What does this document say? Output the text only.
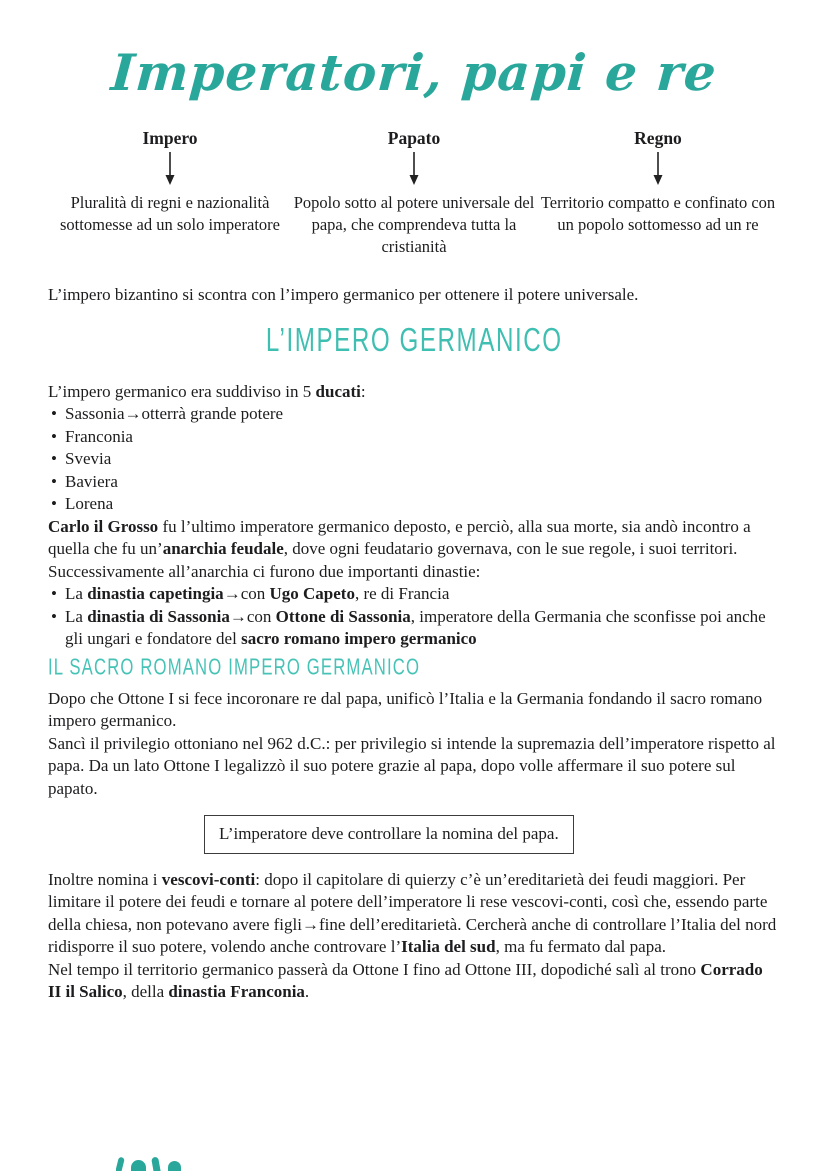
Imperatori, papi e re
Impero
Pluralità di regni e nazionalità sottomesse ad un solo imperatore
Papato
Popolo sotto al potere universale del papa, che comprendeva tutta la cristianità
Regno
Territorio compatto e confinato con un popolo sottomesso ad un re

L’impero bizantino si scontra con l’impero germanico per ottenere il potere universale.

L’IMPERO GERMANICO

L’impero germanico era suddiviso in 5 ducati:

• Sassonia→otterrà grande potere
• Franconia
• Svevia
• Baviera
• Lorena

Carlo il Grosso fu l’ultimo imperatore germanico deposto, e perciò, alla sua morte, sia andò incontro a quella che fu un’anarchia feudale, dove ogni feudatario governava, con le sue regole, i suoi territori. Successivamente all’anarchia ci furono due importanti dinastie:

• La dinastia capetingia→con Ugo Capeto, re di Francia
• La dinastia di Sassonia→con Ottone di Sassonia, imperatore della Germania che sconfisse poi anche gli ungari e fondatore del sacro romano impero germanico
IL SACRO ROMANO IMPERO GERMANICO

Dopo che Ottone I si fece incoronare re dal papa, unificò l’Italia e la Germania fondando il sacro romano impero germanico.

Sancì il privilegio ottoniano nel 962 d.C.: per privilegio si intende la supremazia dell’imperatore rispetto al papa. Da un lato Ottone I legalizzò il suo potere grazie al papa, dopo volle affermare il suo potere sul papato.

L’imperatore deve controllare la nomina del papa.

Inoltre nomina i vescovi-conti: dopo il capitolare di quierzy c’è un’ereditarietà dei feudi maggiori. Per limitare il potere dei feudi e tornare al potere dell’imperatore li rese vescovi-conti, così che, essendo parte della chiesa, non potevano avere figli→fine dell’ereditarietà. Cercherà anche di controllare l’Italia del nord ridisporre il suo potere, volendo anche controvare l’Italia del sud, ma fu fermato dal papa.

Nel tempo il territorio germanico passerà da Ottone I fino ad Ottone III, dopodiché salì al trono Corrado II il Salico, della dinastia Franconia.
